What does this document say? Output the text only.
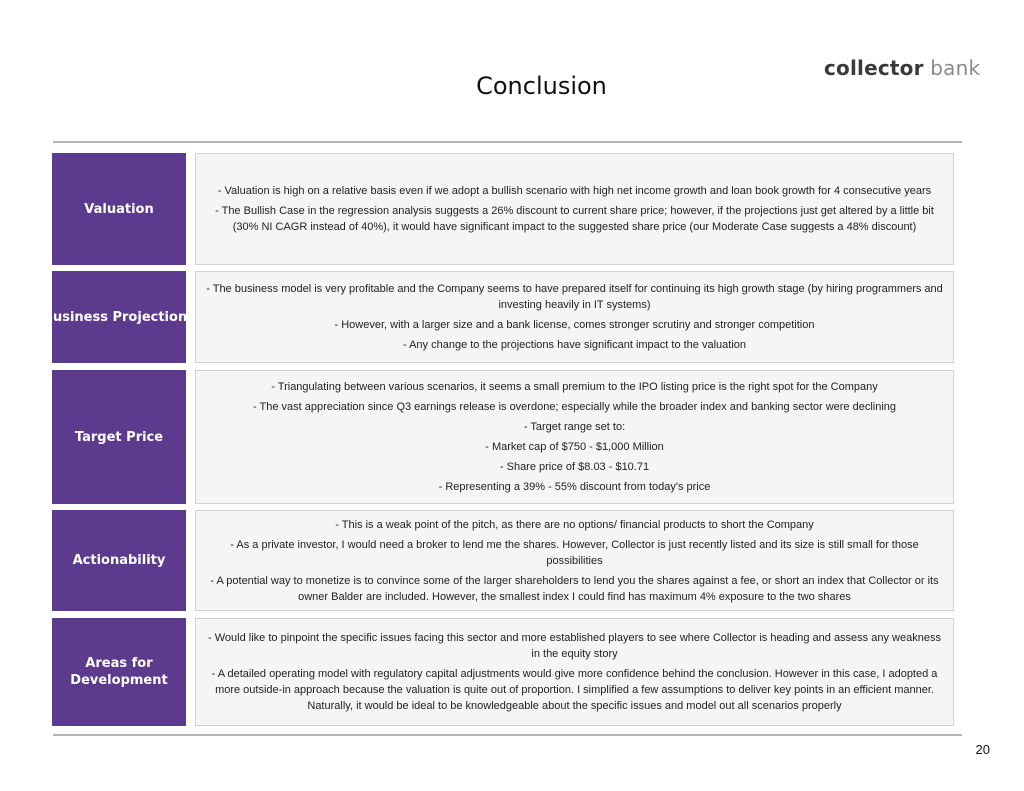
Conclusion
collector bank
Valuation
- Valuation is high on a relative basis even if we adopt a bullish scenario with high net income growth and loan book growth for 4 consecutive years
- The Bullish Case in the regression analysis suggests a 26% discount to current share price; however, if the projections just get altered by a little bit (30% NI CAGR instead of 40%), it would have significant impact to the suggested share price (our Moderate Case suggests a 48% discount)
Business Projections
- The business model is very profitable and the Company seems to have prepared itself for continuing its high growth stage (by hiring programmers and investing heavily in IT systems)
- However, with a larger size and a bank license, comes stronger scrutiny and stronger competition
- Any change to the projections have significant impact to the valuation
Target Price
- Triangulating between various scenarios, it seems a small premium to the IPO listing price is the right spot for the Company
- The vast appreciation since Q3 earnings release is overdone; especially while the broader index and banking sector were declining
- Target range set to:
- Market cap of $750 - $1,000 Million
- Share price of $8.03 - $10.71
- Representing a 39% - 55% discount from today's price
Actionability
- This is a weak point of the pitch, as there are no options/ financial products to short the Company
- As a private investor, I would need a broker to lend me the shares. However, Collector is just recently listed and its size is still small for those possibilities
- A potential way to monetize is to convince some of the larger shareholders to lend you the shares against a fee, or short an index that Collector or its owner Balder are included. However, the smallest index I could find has maximum 4% exposure to the two shares
Areas for Development
- Would like to pinpoint the specific issues facing this sector and more established players to see where Collector is heading and assess any weakness in the equity story
- A detailed operating model with regulatory capital adjustments would give more confidence behind the conclusion. However in this case, I adopted a more outside-in approach because the valuation is quite out of proportion. I simplified a few assumptions to deliver key points in an efficient manner. Naturally, it would be ideal to be knowledgeable about the specific issues and model out all scenarios properly
20
